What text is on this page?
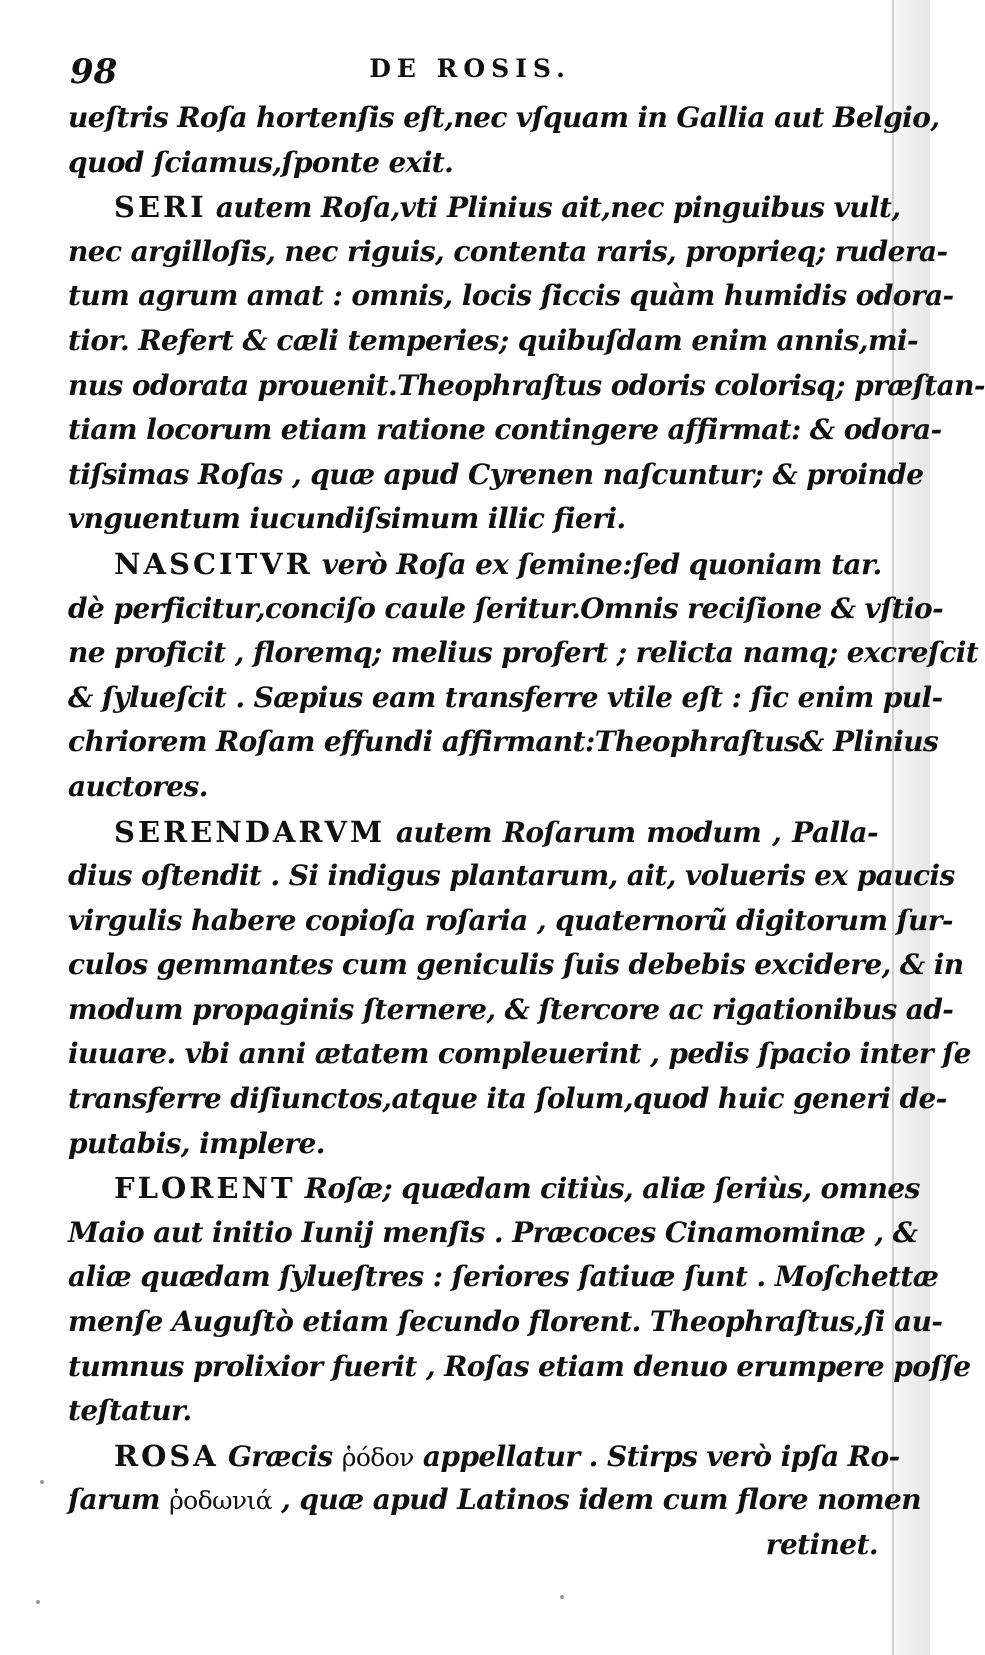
98	DE ROSIS.
ueſtris Roſa hortenſis eſt,nec vſquam in Gallia aut Belgio,
quod ſciamus,ſponte exit.
SERI autem Roſa,vti Plinius ait,nec pinguibus vult,
nec argilloſis, nec riguis, contenta raris, proprieq; rudera-
tum agrum amat : omnis, locis ſiccis quàm humidis odora-
tior. Refert & cæli temperies; quibuſdam enim annis,mi-
nus odorata prouenit.Theophraſtus odoris colorisq; præſtan-
tiam locorum etiam ratione contingere affirmat: & odora-
tiſsimas Roſas , quæ apud Cyrenen naſcuntur; & proinde
vnguentum iucundiſsimum illic fieri.
NASCITVR verò Roſa ex ſemine:ſed quoniam tar.
dè perficitur,conciſo caule ſeritur.Omnis reciſione & vſtio-
ne proficit , floremq; melius profert ; relicta namq; excreſcit
& ſylueſcit . Sæpius eam transferre vtile eſt : ſic enim pul-
chriorem Roſam effundi affirmant:Theophraſtus& Plinius
auctores.
SERENDARVM autem Roſarum modum , Palla-
dius oſtendit . Si indigus plantarum, ait, volueris ex paucis
virgulis habere copioſa roſaria , quaternorũ digitorum ſur-
culos gemmantes cum geniculis ſuis debebis excidere, & in
modum propaginis ſternere, & ſtercore ac rigationibus ad-
iuuare. vbi anni ætatem compleuerint , pedis ſpacio inter ſe
transferre diſiunctos,atque ita ſolum,quod huic generi de-
putabis, implere.
FLORENT Roſæ; quædam citiùs, aliæ ſeriùs, omnes
Maio aut initio Iunij menſis . Præcoces Cinamominæ , &
aliæ quædam ſylueſtres : ſeriores ſatiuæ ſunt . Moſchettæ
menſe Auguſtò etiam ſecundo florent. Theophraſtus,ſi au-
tumnus prolixior fuerit , Roſas etiam denuo erumpere poſſe
teſtatur.
ROSA Græcis ῥόδον appellatur . Stirps verò ipſa Ro-
ſarum ῥοδωνιά , quæ apud Latinos idem cum flore nomen
retinet.
